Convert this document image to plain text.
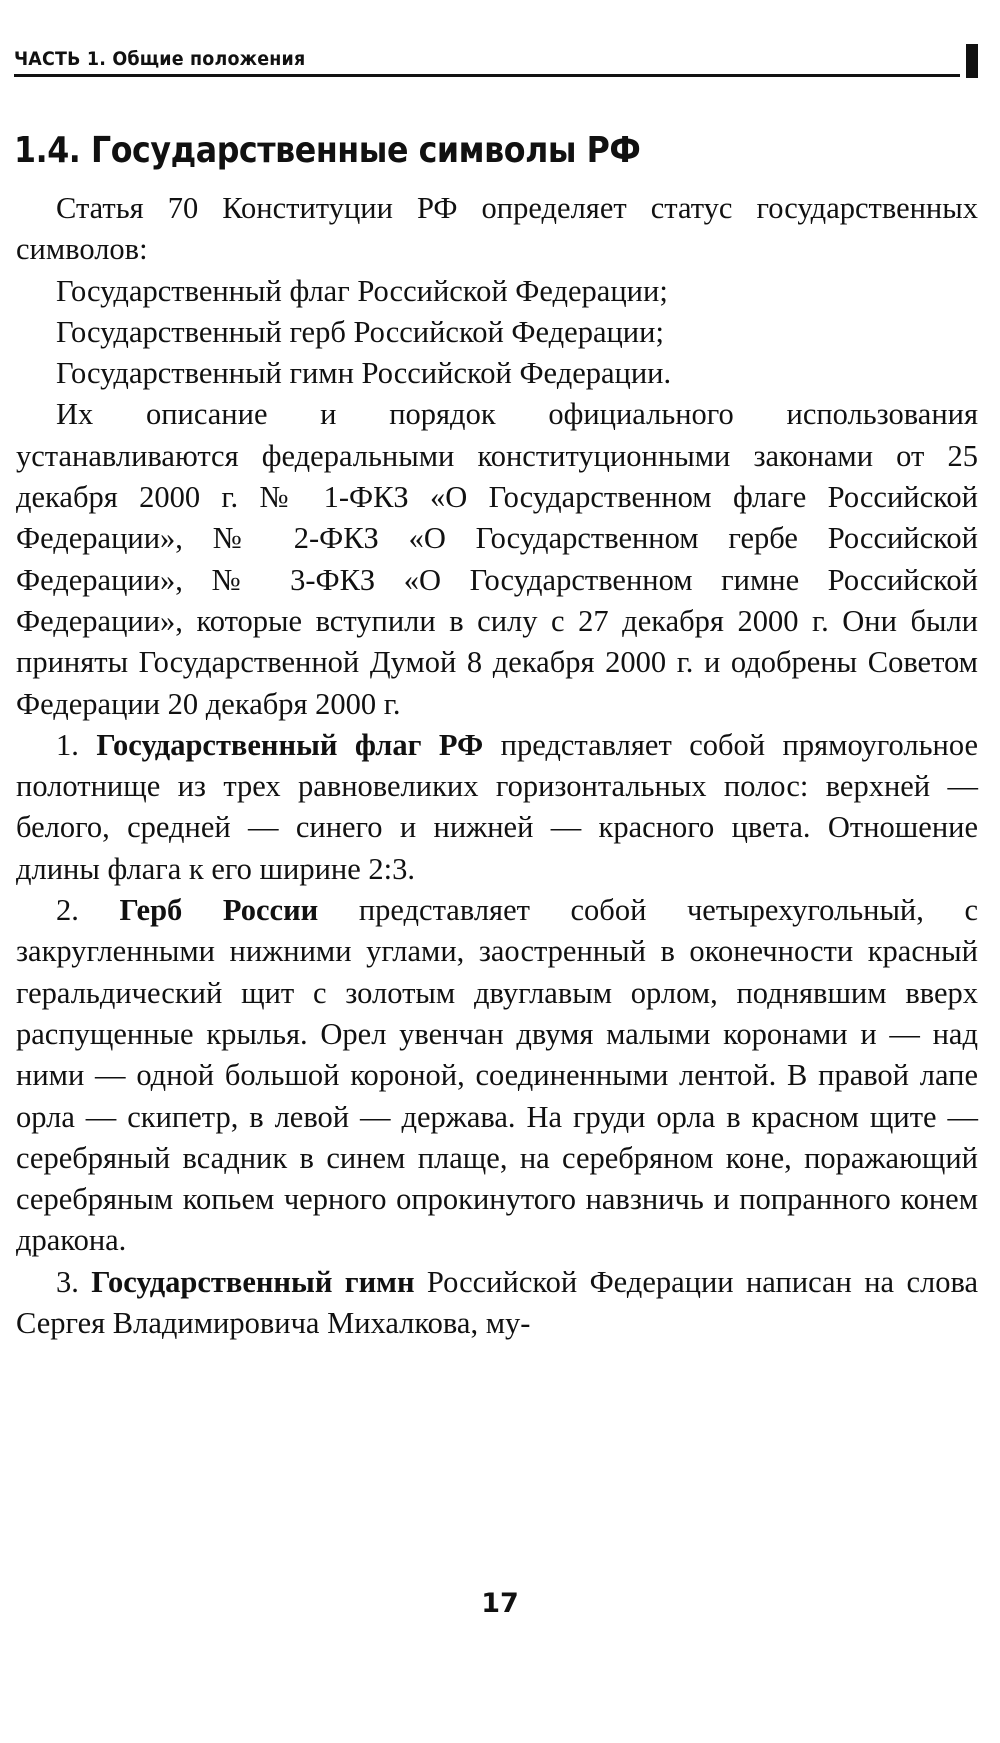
ЧАСТЬ 1. Общие положения
1.4. Государственные символы РФ

Статья 70 Конституции РФ определяет статус государственных символов:

Государственный флаг Российской Федерации;

Государственный герб Российской Федерации;

Государственный гимн Российской Федерации.

Их описание и порядок официального использования устанавливаются федеральными конституционными законами от 25 декабря 2000 г. № 1-ФКЗ «О Государственном флаге Российской Федерации», № 2-ФКЗ «О Государственном гербе Российской Федерации», № 3-ФКЗ «О Государственном гимне Российской Федерации», которые вступили в силу с 27 декабря 2000 г. Они были приняты Государственной Думой 8 декабря 2000 г. и одобрены Советом Федерации 20 декабря 2000 г.

1. Государственный флаг РФ представляет собой прямоугольное полотнище из трех равновеликих горизонтальных полос: верхней — белого, средней — синего и нижней — красного цвета. Отношение длины флага к его ширине 2:3.

2. Герб России представляет собой четырехугольный, с закругленными нижними углами, заостренный в оконечности красный геральдический щит с золотым двуглавым орлом, поднявшим вверх распущенные крылья. Орел увенчан двумя малыми коронами и — над ними — одной большой короной, соединенными лентой. В правой лапе орла — скипетр, в левой — держава. На груди орла в красном щите — серебряный всадник в синем плаще, на серебряном коне, поражающий серебряным копьем черного опрокинутого навзничь и попранного конем дракона.

3. Государственный гимн Российской Федерации написан на слова Сергея Владимировича Михалкова, му-

17
